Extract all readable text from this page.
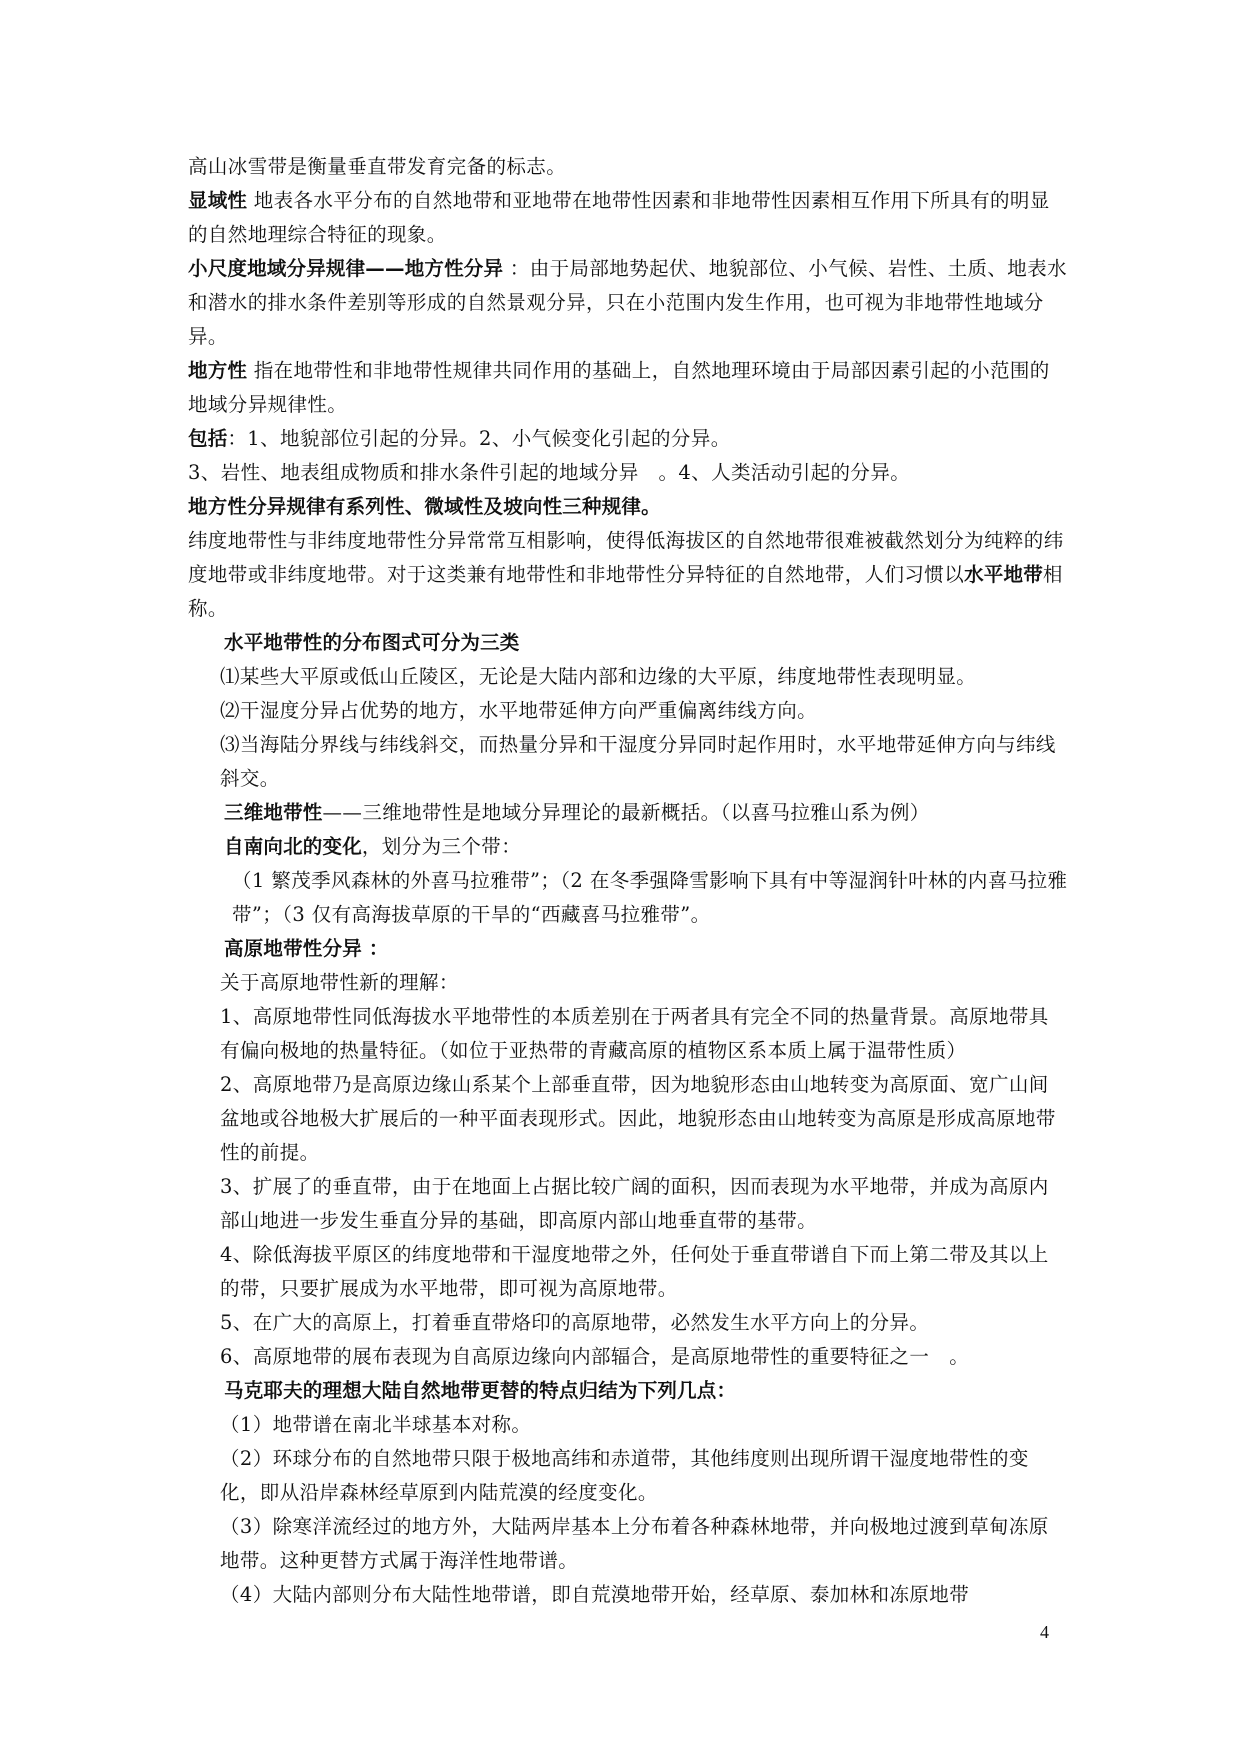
高山冰雪带是衡量垂直带发育完备的标志。

显域性 地表各水平分布的自然地带和亚地带在地带性因素和非地带性因素相互作用下所具有的明显的自然地理综合特征的现象。

小尺度地域分异规律——地方性分异 ：由于局部地势起伏、地貌部位、小气候、岩性、土质、地表水和潜水的排水条件差别等形成的自然景观分异，只在小范围内发生作用，也可视为非地带性地域分异。

地方性 指在地带性和非地带性规律共同作用的基础上，自然地理环境由于局部因素引起的小范围的地域分异规律性。

包括：1、地貌部位引起的分异。2、小气候变化引起的分异。

3、岩性、地表组成物质和排水条件引起的地域分异　。4、人类活动引起的分异。

地方性分异规律有系列性、微域性及坡向性三种规律。

纬度地带性与非纬度地带性分异常常互相影响，使得低海拔区的自然地带很难被截然划分为纯粹的纬度地带或非纬度地带。对于这类兼有地带性和非地带性分异特征的自然地带，人们习惯以水平地带相称。

水平地带性的分布图式可分为三类

⑴某些大平原或低山丘陵区，无论是大陆内部和边缘的大平原，纬度地带性表现明显。

⑵干湿度分异占优势的地方，水平地带延伸方向严重偏离纬线方向。

⑶当海陆分界线与纬线斜交，而热量分异和干湿度分异同时起作用时，水平地带延伸方向与纬线斜交。

三维地带性——三维地带性是地域分异理论的最新概括。（以喜马拉雅山系为例）

自南向北的变化，划分为三个带：

（1 繁茂季风森林的外喜马拉雅带”；（2 在冬季强降雪影响下具有中等湿润针叶林的内喜马拉雅带”；（3 仅有高海拔草原的干旱的“西藏喜马拉雅带”。

高原地带性分异 ：

关于高原地带性新的理解：

1、高原地带性同低海拔水平地带性的本质差别在于两者具有完全不同的热量背景。高原地带具有偏向极地的热量特征。（如位于亚热带的青藏高原的植物区系本质上属于温带性质）

2、高原地带乃是高原边缘山系某个上部垂直带，因为地貌形态由山地转变为高原面、宽广山间盆地或谷地极大扩展后的一种平面表现形式。因此，地貌形态由山地转变为高原是形成高原地带性的前提。

3、扩展了的垂直带，由于在地面上占据比较广阔的面积，因而表现为水平地带，并成为高原内部山地进一步发生垂直分异的基础，即高原内部山地垂直带的基带。

4、除低海拔平原区的纬度地带和干湿度地带之外，任何处于垂直带谱自下而上第二带及其以上的带，只要扩展成为水平地带，即可视为高原地带。

5、在广大的高原上，打着垂直带烙印的高原地带，必然发生水平方向上的分异。

6、高原地带的展布表现为自高原边缘向内部辐合，是高原地带性的重要特征之一　。

马克耶夫的理想大陆自然地带更替的特点归结为下列几点：

（1）地带谱在南北半球基本对称。

（2）环球分布的自然地带只限于极地高纬和赤道带，其他纬度则出现所谓干湿度地带性的变化，即从沿岸森林经草原到内陆荒漠的经度变化。

（3）除寒洋流经过的地方外，大陆两岸基本上分布着各种森林地带，并向极地过渡到草甸冻原地带。这种更替方式属于海洋性地带谱。

（4）大陆内部则分布大陆性地带谱，即自荒漠地带开始，经草原、泰加林和冻原地带

4
